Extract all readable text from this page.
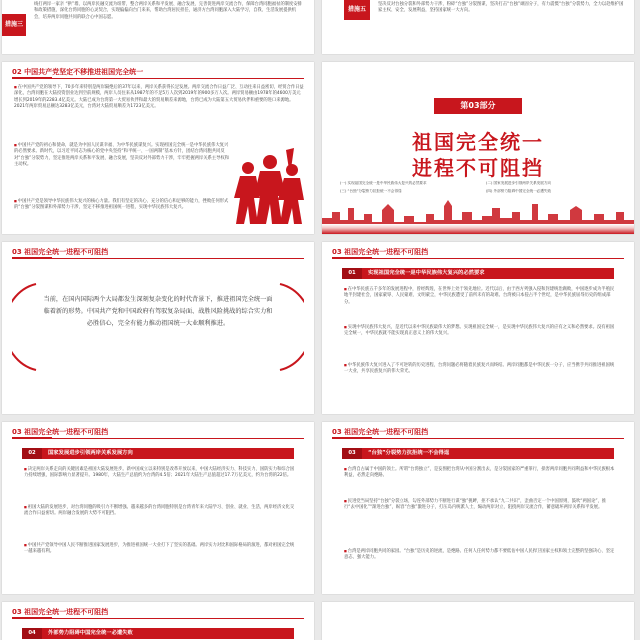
措施三
线打两岸一家亲 “拱”墙，以两岸民融交流为纽带，整合两岸关系和平发展、融合发展，完善促进两岸交流合作，保障台湾同胞福祉的制度安排和政策措施，深化台湾同胞的心灵契合，实现偏偏向台门来来，帮助台湾居民担任，通济方台湾同胞深入大陆学习，自我、生活发展提供机会，培养两岸同胞共同的联合心中国志愿。
措施五
坚决反对台独分裂和外部势力干涉，粉碎“台独”分裂图谋，坚决打击“台独”顽固分子，有力震慑“台独”分裂势力，全力以赴维护国家主权、安全、发展利益，坚持国家统一大方向。
02 中国共产党坚定不移推进祖国完全统一
■ 在中国共产党的领导下，70多年来特别是两岸隔绝后的37年以来，两岸关系获得长足发展。两岸交流合作日益广泛、互动往来日益密切，经贸合作日益深化，台湾同胞在大陆投资创业达到空前规模，两岸人员往来从1987年的不足5万人次到2019年的900多万人次。两岸贸易额由1978年的4600万美元增长到2019年的2283.4亿美元。大陆已成为台湾第一大贸易伙伴和最大的贸易顺差来源地，台湾已成为大陆第五大贸易伙伴和重要的进口来源地。2021年两岸贸易总额达3283亿美元，台湾对大陆贸易顺差为1723亿美元。
■ 中国共产党的初心和使命，就是为中国人民谋幸福、为中华民族谋复兴。实现祖国完全统一是中华民族伟大复兴的必然要求。新时代，以习近平同志为核心的党中央坚持“和平统一、一国两制”基本方针，团结台湾同胞共同反对“台独”分裂势力，坚定推进两岸关系和平发展、融合发展，坚决反对外部势力干涉，牢牢把握两岸关系主导权和主动权。
■ 中国共产党是领导中华民族伟大复兴的核心力量。我们有坚定的决心、充分的信心和足够的能力，挫败任何形式的“台独”分裂图谋和外部势力干涉，坚定不移推进祖国统一进程，实现中华民族伟大复兴。
第03部分
祖国完全统一
进程不可阻挡
(一) 实现祖国完全统一是中华民族伟大复兴的必然要求	(二) 国家发展进步引领两岸关系发展方向
(三) “台独”分裂势力抗拒统一不会得逞	(四) 外部势力阻碍中国完全统一必遭失败
03 祖国完全统一进程不可阻挡
当前，在国内国际两个大局都发生深刻复杂变化的时代背景下，推进祖国完全统一面临着新的形势。中国共产党和中国政府有驾驭复杂局面、战胜风险挑战的综合实力和必胜信心，完全有能力推动祖国统一大业顺利推进。
03 祖国完全统一进程不可阻挡
01	实现祖国完全统一是中华民族伟大复兴的必然要求
■ 在中华民族五千多年的发展进程中，曾经辉煌，在世界上处于领先地位。近代以后，由于西方列强入侵和封建统治腐败，中国逐步成为半殖民地半封建社会，国家蒙辱、人民蒙难、文明蒙尘，中华民族遭受了前所未有的劫难。台湾被日本侵占半个世纪，是中华民族屈辱历史的组成部分。
■ 实现中华民族伟大复兴，是近代以来中华民族最伟大的梦想。实现祖国完全统一，是实现中华民族伟大复兴的应有之义和必然要求。没有祖国完全统一，中华民族就不能实现真正意义上的伟大复兴。
■ 中华民族伟大复兴进入了不可逆转的历史进程，台湾问题必将随着民族复兴而终结。两岸同胞都是中华民族一分子，应当携手共同推进祖国统一大业，共享民族复兴的伟大荣光。
03 祖国完全统一进程不可阻挡
02	国家发展进步引领两岸关系发展方向
■ 决定两岸关系走向的关键因素是祖国大陆发展进步。新中国成立以来特别是改革开放以来，中国大陆经济实力、科技实力、国防实力和综合国力持续增强，国际影响力显著提升。1980年，大陆生产总值约为台湾的4.5倍；2021年大陆生产总值超过17.7万亿美元，约为台湾的22倍。
■ 祖国大陆的发展进步，对台湾同胞的吸引力不断增强。越来越多的台湾同胞特别是台湾青年来大陆学习、创业、就业、生活，两岸经济文化交流合作日益密切。两岸融合发展的大势不可阻挡。
■ 中国共产党领导中国人民不断推进国家发展进步，为推进祖国统一大业打下了坚实的基础。两岸实力对比和国际格局的演进，都对祖国完全统一越来越有利。
03 祖国完全统一进程不可阻挡
03	“台独”分裂势力抗拒统一不会得逞
■ 台湾自古属于中国的领土。所谓“台湾独立”，是妄图把台湾从中国分割出去，是分裂国家的严重罪行，损害两岸同胞共同利益和中华民族根本利益，必然走向绝路。
■ 民进党当局坚持“台独”分裂立场，勾连外部势力不断进行谋“独”挑衅，拒不承认“九二共识”，歪曲否定一个中国原则，鼓吹“两国论”，推行“去中国化”“渐进台独”，纵容“台独”激进分子，打压岛内统派人士，煽动两岸对立，阻挠两岸交流合作，蓄意破坏两岸关系和平发展。
■ 台湾是两岸同胞共同的家园。“台独”是历史的逆流，是绝路。任何人任何势力都不要低估中国人民捍卫国家主权和领土完整的坚强决心、坚定意志、强大能力。
03 祖国完全统一进程不可阻挡
04	外部势力阻碍中国完全统一必遭失败
